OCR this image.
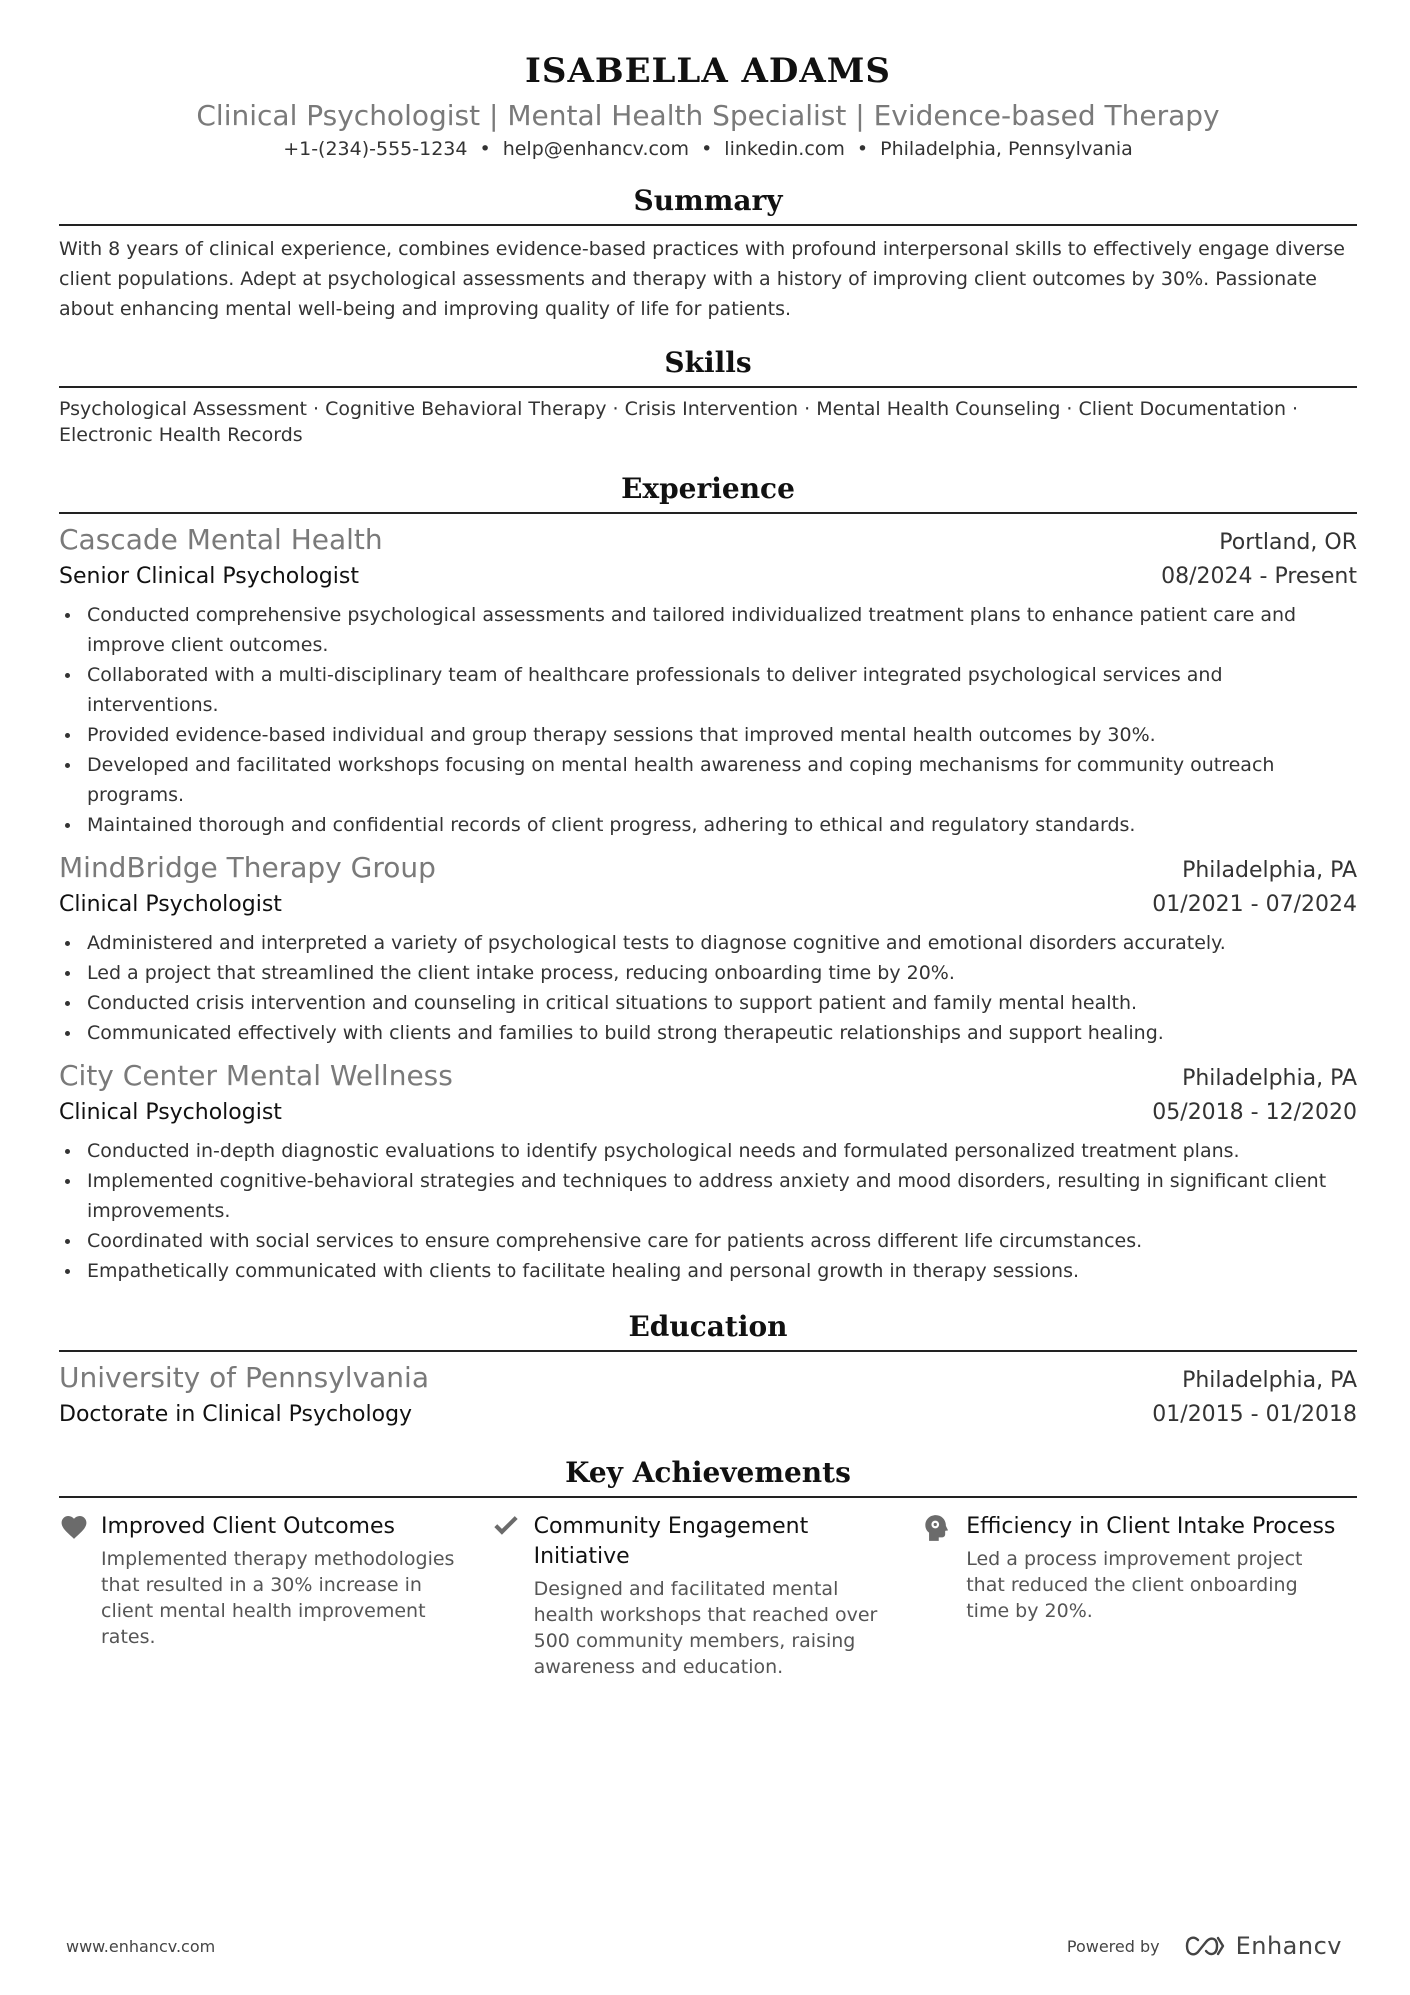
ISABELLA ADAMS
Clinical Psychologist | Mental Health Specialist | Evidence-based Therapy
+1-(234)-555-1234 • help@enhancv.com • linkedin.com • Philadelphia, Pennsylvania
Summary
With 8 years of clinical experience, combines evidence-based practices with profound interpersonal skills to effectively engage diverse client populations. Adept at psychological assessments and therapy with a history of improving client outcomes by 30%. Passionate about enhancing mental well-being and improving quality of life for patients.
Skills
Psychological Assessment · Cognitive Behavioral Therapy · Crisis Intervention · Mental Health Counseling · Client Documentation · Electronic Health Records
Experience
Cascade Mental Health	Portland, OR
Senior Clinical Psychologist	08/2024 - Present
Conducted comprehensive psychological assessments and tailored individualized treatment plans to enhance patient care and improve client outcomes.
Collaborated with a multi-disciplinary team of healthcare professionals to deliver integrated psychological services and interventions.
Provided evidence-based individual and group therapy sessions that improved mental health outcomes by 30%.
Developed and facilitated workshops focusing on mental health awareness and coping mechanisms for community outreach programs.
Maintained thorough and confidential records of client progress, adhering to ethical and regulatory standards.
MindBridge Therapy Group	Philadelphia, PA
Clinical Psychologist	01/2021 - 07/2024
Administered and interpreted a variety of psychological tests to diagnose cognitive and emotional disorders accurately.
Led a project that streamlined the client intake process, reducing onboarding time by 20%.
Conducted crisis intervention and counseling in critical situations to support patient and family mental health.
Communicated effectively with clients and families to build strong therapeutic relationships and support healing.
City Center Mental Wellness	Philadelphia, PA
Clinical Psychologist	05/2018 - 12/2020
Conducted in-depth diagnostic evaluations to identify psychological needs and formulated personalized treatment plans.
Implemented cognitive-behavioral strategies and techniques to address anxiety and mood disorders, resulting in significant client improvements.
Coordinated with social services to ensure comprehensive care for patients across different life circumstances.
Empathetically communicated with clients to facilitate healing and personal growth in therapy sessions.
Education
University of Pennsylvania	Philadelphia, PA
Doctorate in Clinical Psychology	01/2015 - 01/2018
Key Achievements
Improved Client Outcomes
Implemented therapy methodologies that resulted in a 30% increase in client mental health improvement rates.
Community Engagement Initiative
Designed and facilitated mental health workshops that reached over 500 community members, raising awareness and education.
Efficiency in Client Intake Process
Led a process improvement project that reduced the client onboarding time by 20%.
www.enhancv.com	Powered by	Enhancv
